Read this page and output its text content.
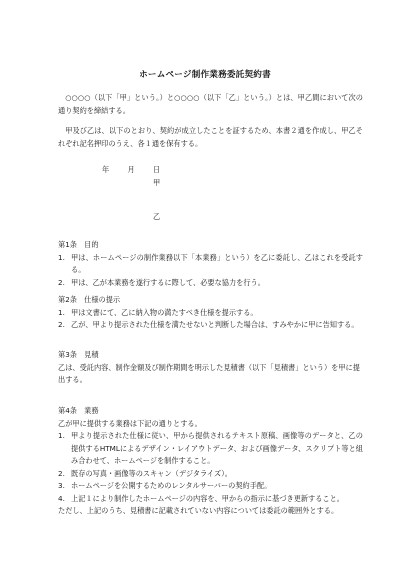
ホームページ制作業務委託契約書
○○○○（以下「甲」という。）と○○○○（以下「乙」という。）とは、甲乙間において次の通り契約を締結する。
甲及び乙は、以下のとおり、契約が成立したことを証するため、本書２通を作成し、甲乙それぞれ記名押印のうえ、各１通を保有する。
年	月	日
甲
乙
第1条　目的
1. 甲は、ホームページの制作業務以下「本業務」という）を乙に委託し、乙はこれを受託する。
2. 甲は、乙が本業務を遂行するに際して、必要な協力を行う。
第2条　仕様の提示
1. 甲は文書にて、乙に納入物の満たすべき仕様を提示する。
2. 乙が、甲より提示された仕様を満たせないと判断した場合は、すみやかに甲に告知する。
第3条　見積
乙は、受託内容、制作金額及び制作期間を明示した見積書（以下「見積書」という）を甲に提出する。
第4条　業務
乙が甲に提供する業務は下記の通りとする。
1. 甲より提示された仕様に従い、甲から提供されるテキスト原稿、画像等のデータと、乙の提供するHTMLによるデザイン・レイアウトデータ、および画像データ、スクリプト等と組み合わせて、ホームページを制作すること。
2. 既存の写真・画像等のスキャン（デジタライズ）。
3. ホームページを公開するためのレンタルサーバーの契約手配。
4. 上記１により制作したホームページの内容を、甲からの指示に基づき更新すること。
ただし、上記のうち、見積書に記載されていない内容については委託の範囲外とする。
